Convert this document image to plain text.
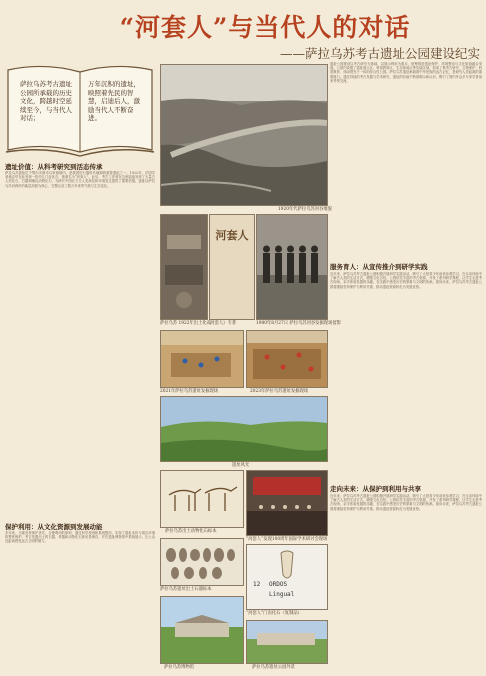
“河套人”与当代人的对话
——萨拉乌苏考古遗址公园建设纪实
萨拉乌苏考古遗址公园所承载的历史文化，跨越时空延续至今，与当代人对话；
万年沉积的遗址，映照着先民的智慧，启迪后人，激励当代人不断奋进。
遗址价值：从科考研究到活态传承
萨拉乌苏遗址位于鄂尔多斯市乌审旗境内，是我国旧石器时代晚期的重要遗址之一。1922年，法国学者桑志华在此发现一枚幼儿门齿化石，被命名为“河套人”。此后，考古工作者在这里陆续发现了大量古人类化石、石器和哺乳动物化石，为研究中国北方古人类演化和环境变迁提供了重要依据。遗址以萨拉乌苏河两岸的地层剖面为核心，完整记录了数万年来的气候与生态变化。
保护利用：从文化资源到发展动能
多年来，当地坚持保护优先、合理利用的原则，通过科学规划和系统整治，实现了遗址本体与周边环境的整体保护。考古发掘出土的石器、骨器和动物化石被妥善保存，并在遗址博物馆中系统展示，让公众近距离感受远古文明的魅力。
遗址公园建设以考古研究为基础，以展示利用为重点，统筹推进遗址保护、环境整治与文化旅游融合发展。公园内设置了遗址展示区、科普教育区、生态休闲区等功能区域，形成了集考古研究、文物保护、科普教育、休闲观光于一体的综合性公园。萨拉乌苏遗址承载着中华民族的远古记忆，是研究人类起源的重要窗口。通过持续的考古发掘与学术研究，遗址的价值不断被揭示和认识，吸引了国内外众多专家学者前来考察交流。
服务育人：从宣传推介到研学实践
近年来，萨拉乌苏考古遗址公园积极开展研学实践活动，吸引了大批青少年前来参观学习，在互动体验中了解古人类的生活方式，增强文化自信。公园依托丰富的考古资源，开发了系列研学课程，让学生走进考古现场，亲手体验发掘的乐趣，在实践中感受历史的厚重与文明的传承。面向未来，萨拉乌苏考古遗址公园将继续坚持保护与利用并重，推动遗址资源转化为发展优势。
走向未来：从保护到利用与共享
近年来，萨拉乌苏考古遗址公园积极开展研学实践活动，吸引了大批青少年前来参观学习，在互动体验中了解古人类的生活方式，增强文化自信。公园依托丰富的考古资源，开发了系列研学课程，让学生走进考古现场，亲手体验发掘的乐趣，在实践中感受历史的厚重与文明的传承。面向未来，萨拉乌苏考古遗址公园将继续坚持保护与利用并重，推动遗址资源转化为发展优势。
1920年代萨拉乌苏河谷地貌
萨拉乌苏 1922年出土化石
河套人
《河套人》专著	1980年8月27日 萨拉乌苏河谷发掘现场留影
2021年萨拉乌苏遗址发掘现场	2023年萨拉乌苏遗址发掘现场
遗址风光
“河套人”发现100周年国际学术研讨会现场
萨拉乌苏出土动物化石标本
萨拉乌苏遗址出土石器标本
ORDOS
Lingual
12
“河套人”门齿化石（复制品）
萨拉乌苏博物馆	萨拉乌苏遗址公园外景
